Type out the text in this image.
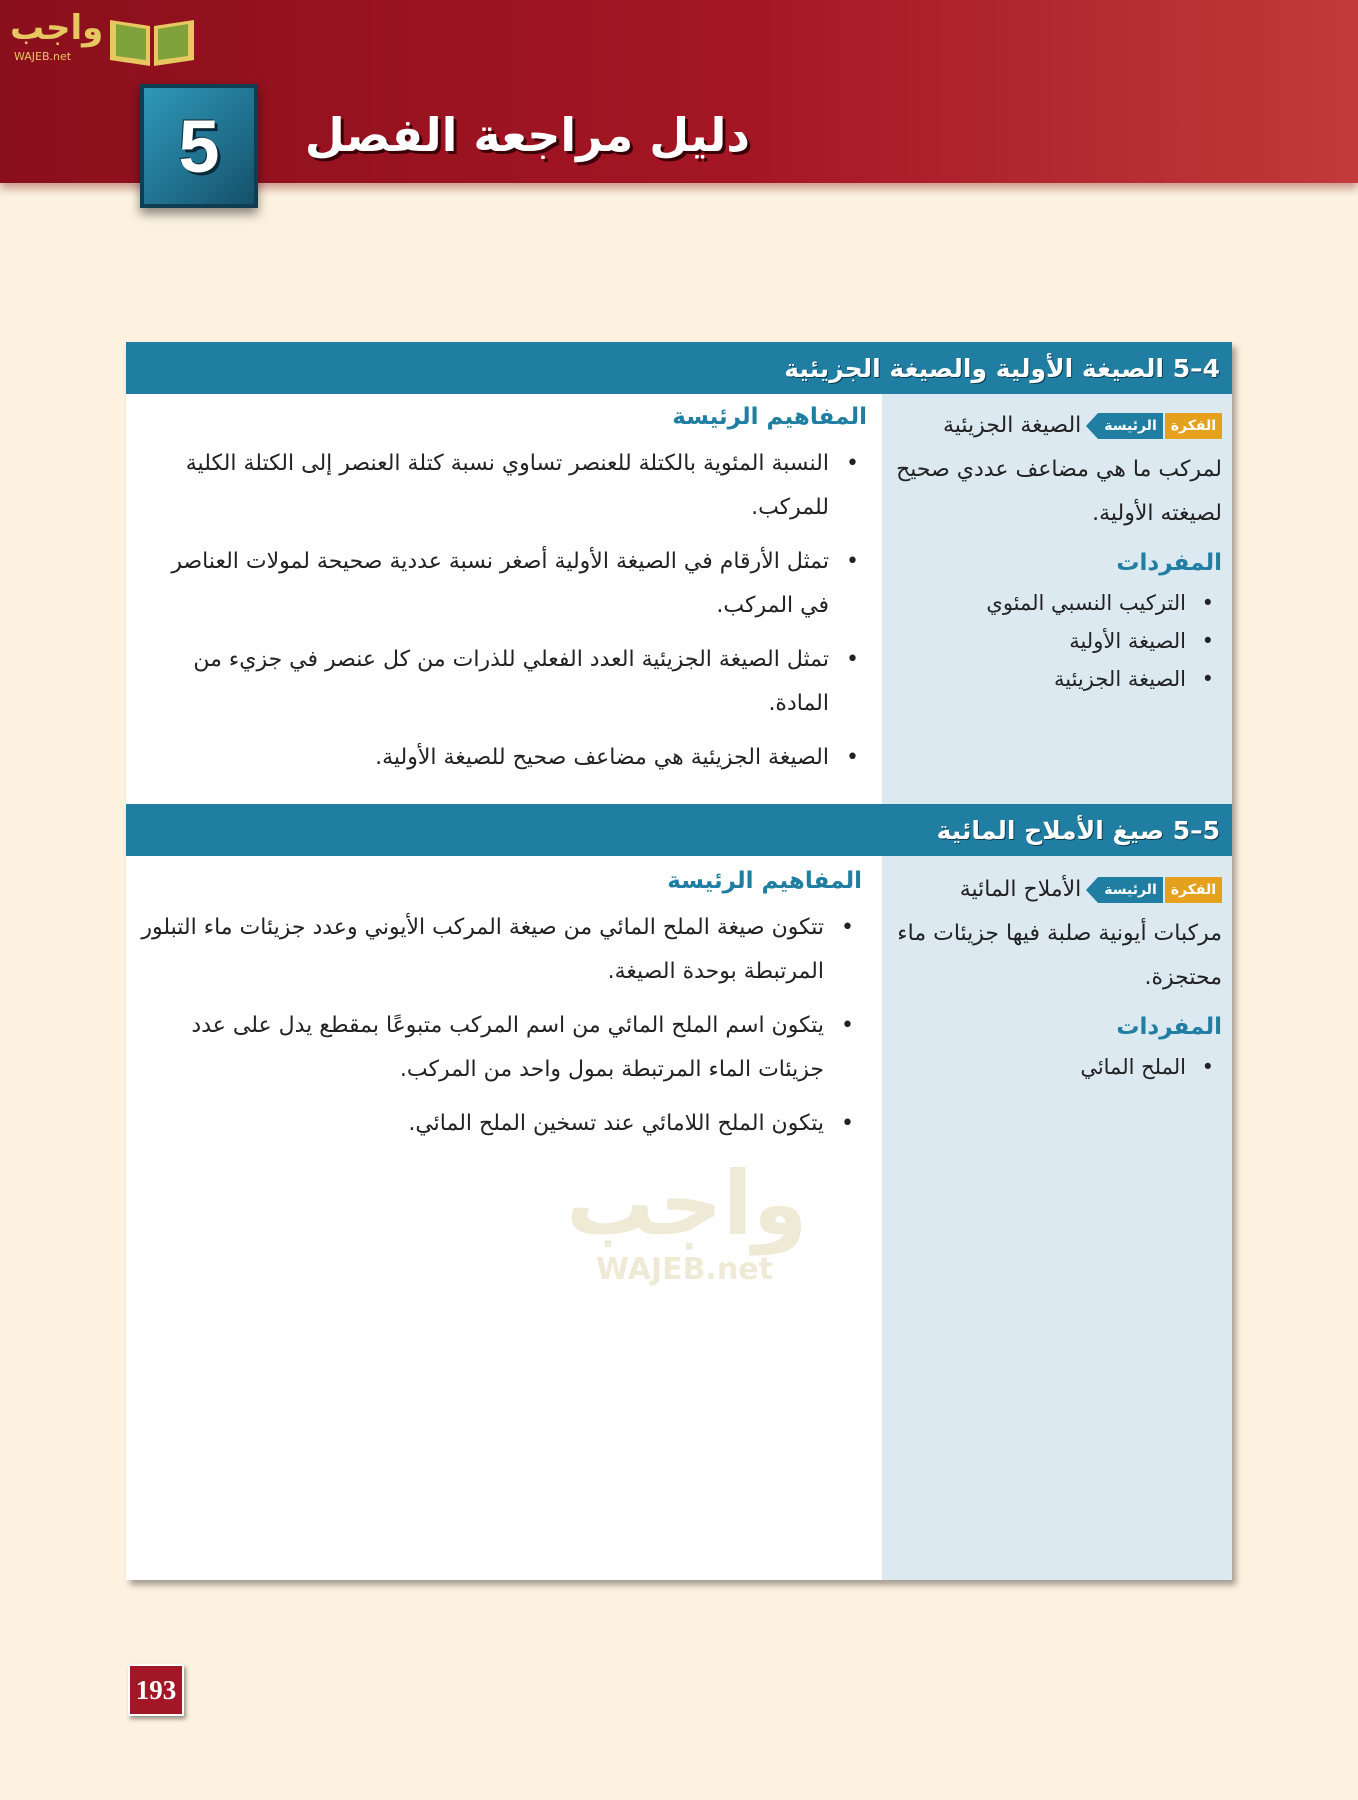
واجب
WAJEB.net
دليل مراجعة الفصل
5
واجب
WAJEB.net
4–5 الصيغة الأولية والصيغة الجزيئية
الفكرةالرئيسة الصيغة الجزيئية لمركب ما هي مضاعف عددي صحيح لصيغته الأولية.
المفردات
• التركيب النسبي المئوي
• الصيغة الأولية
• الصيغة الجزيئية
المفاهيم الرئيسة
• النسبة المئوية بالكتلة للعنصر تساوي نسبة كتلة العنصر إلى الكتلة الكلية للمركب.
• تمثل الأرقام في الصيغة الأولية أصغر نسبة عددية صحيحة لمولات العناصر في المركب.
• تمثل الصيغة الجزيئية العدد الفعلي للذرات من كل عنصر في جزيء من المادة.
• الصيغة الجزيئية هي مضاعف صحيح للصيغة الأولية.
5–5 صيغ الأملاح المائية
الفكرةالرئيسة الأملاح المائية مركبات أيونية صلبة فيها جزيئات ماء محتجزة.
المفردات
• الملح المائي
المفاهيم الرئيسة
• تتكون صيغة الملح المائي من صيغة المركب الأيوني وعدد جزيئات ماء التبلور المرتبطة بوحدة الصيغة.
• يتكون اسم الملح المائي من اسم المركب متبوعًا بمقطع يدل على عدد جزيئات الماء المرتبطة بمول واحد من المركب.
• يتكون الملح اللامائي عند تسخين الملح المائي.
193
